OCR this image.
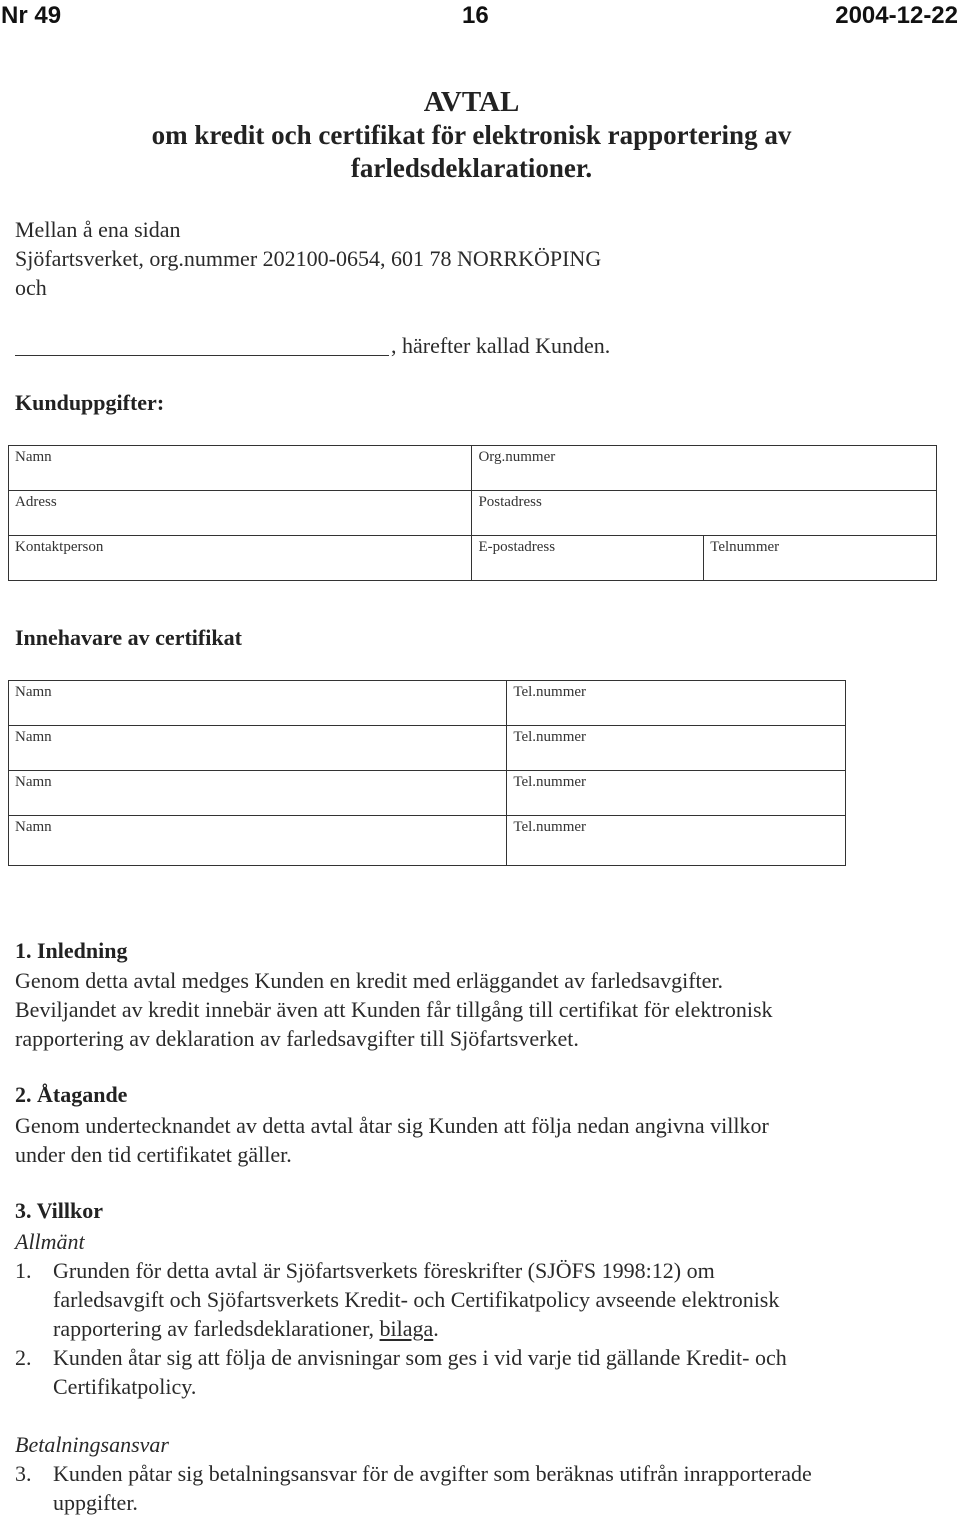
Nr 49	16	2004-12-22
AVTAL
om kredit och certifikat för elektronisk rapportering av
farledsdeklarationer.
Mellan å ena sidan
Sjöfartsverket, org.nummer 202100-0654, 601 78 NORRKÖPING
och
, härefter kallad Kunden.
Kunduppgifter:
Namn	Org.nummer	
Adress	Postadress	
Kontaktperson	E-postadress	Telnummer
Innehavare av certifikat
Namn	Tel.nummer
Namn	Tel.nummer
Namn	Tel.nummer
Namn	Tel.nummer
1. Inledning
Genom detta avtal medges Kunden en kredit med erläggandet av farledsavgifter.
Beviljandet av kredit innebär även att Kunden får tillgång till certifikat för elektronisk
rapportering av deklaration av farledsavgifter till Sjöfartsverket.
2. Åtagande
Genom undertecknandet av detta avtal åtar sig Kunden att följa nedan angivna villkor
under den tid certifikatet gäller.
3. Villkor
Allmänt
1. Grunden för detta avtal är Sjöfartsverkets föreskrifter (SJÖFS 1998:12) om
farledsavgift och Sjöfartsverkets Kredit- och Certifikatpolicy avseende elektronisk
rapportering av farledsdeklarationer, bilaga.
2. Kunden åtar sig att följa de anvisningar som ges i vid varje tid gällande Kredit- och
Certifikatpolicy.
Betalningsansvar
3. Kunden påtar sig betalningsansvar för de avgifter som beräknas utifrån inrapporterade
uppgifter.
